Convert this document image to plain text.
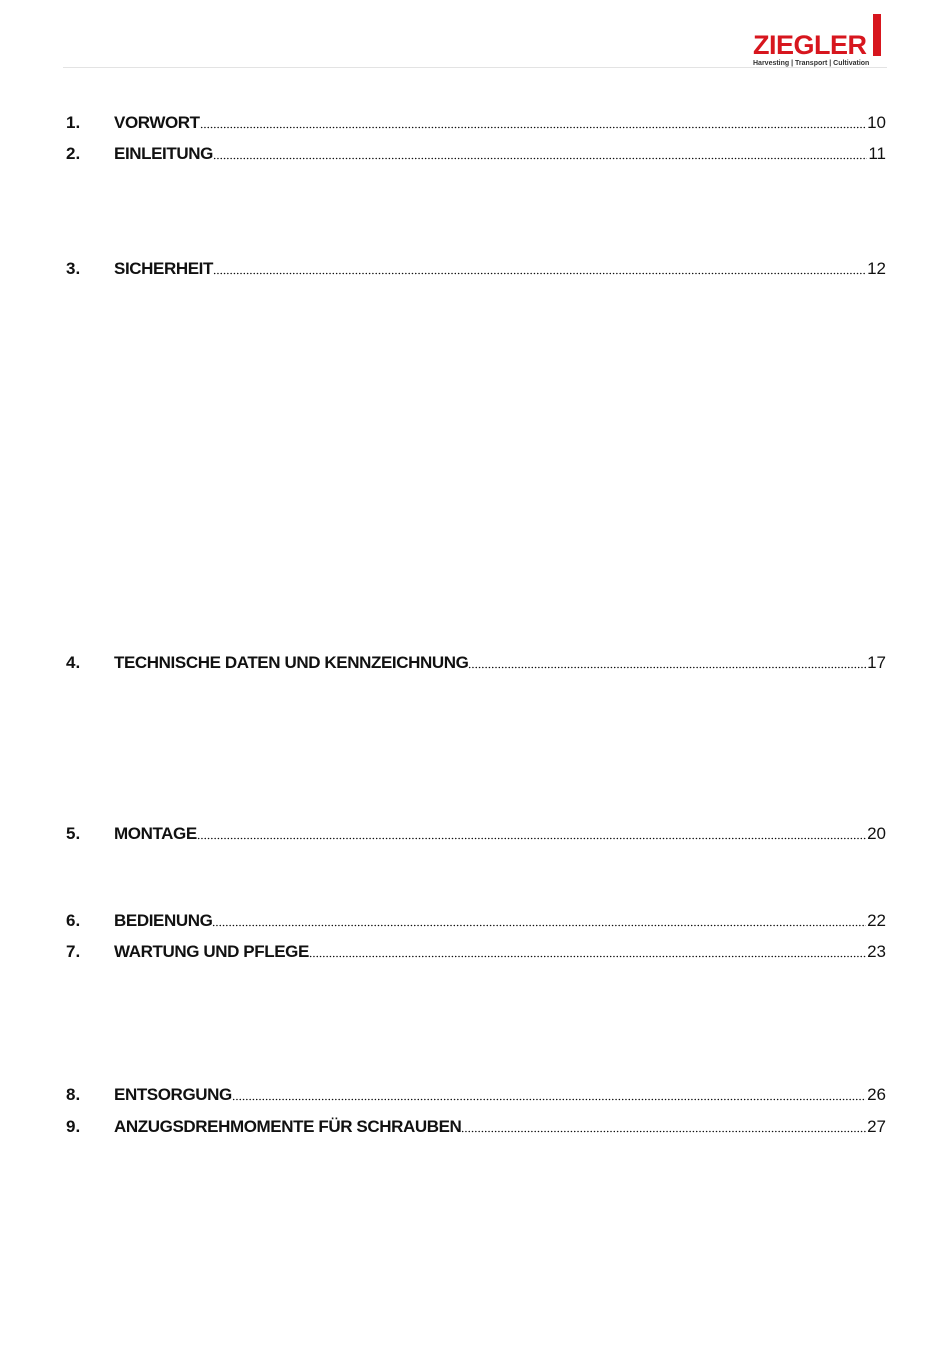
ZIEGLER
Harvesting | Transport | Cultivation
1.	VORWORT	10
2.	EINLEITUNG	11
3.	SICHERHEIT	12
4.	TECHNISCHE DATEN UND KENNZEICHNUNG	17
5.	MONTAGE	20
6.	BEDIENUNG	22
7.	WARTUNG UND PFLEGE	23
8.	ENTSORGUNG	26
9.	ANZUGSDREHMOMENTE FÜR SCHRAUBEN	27
